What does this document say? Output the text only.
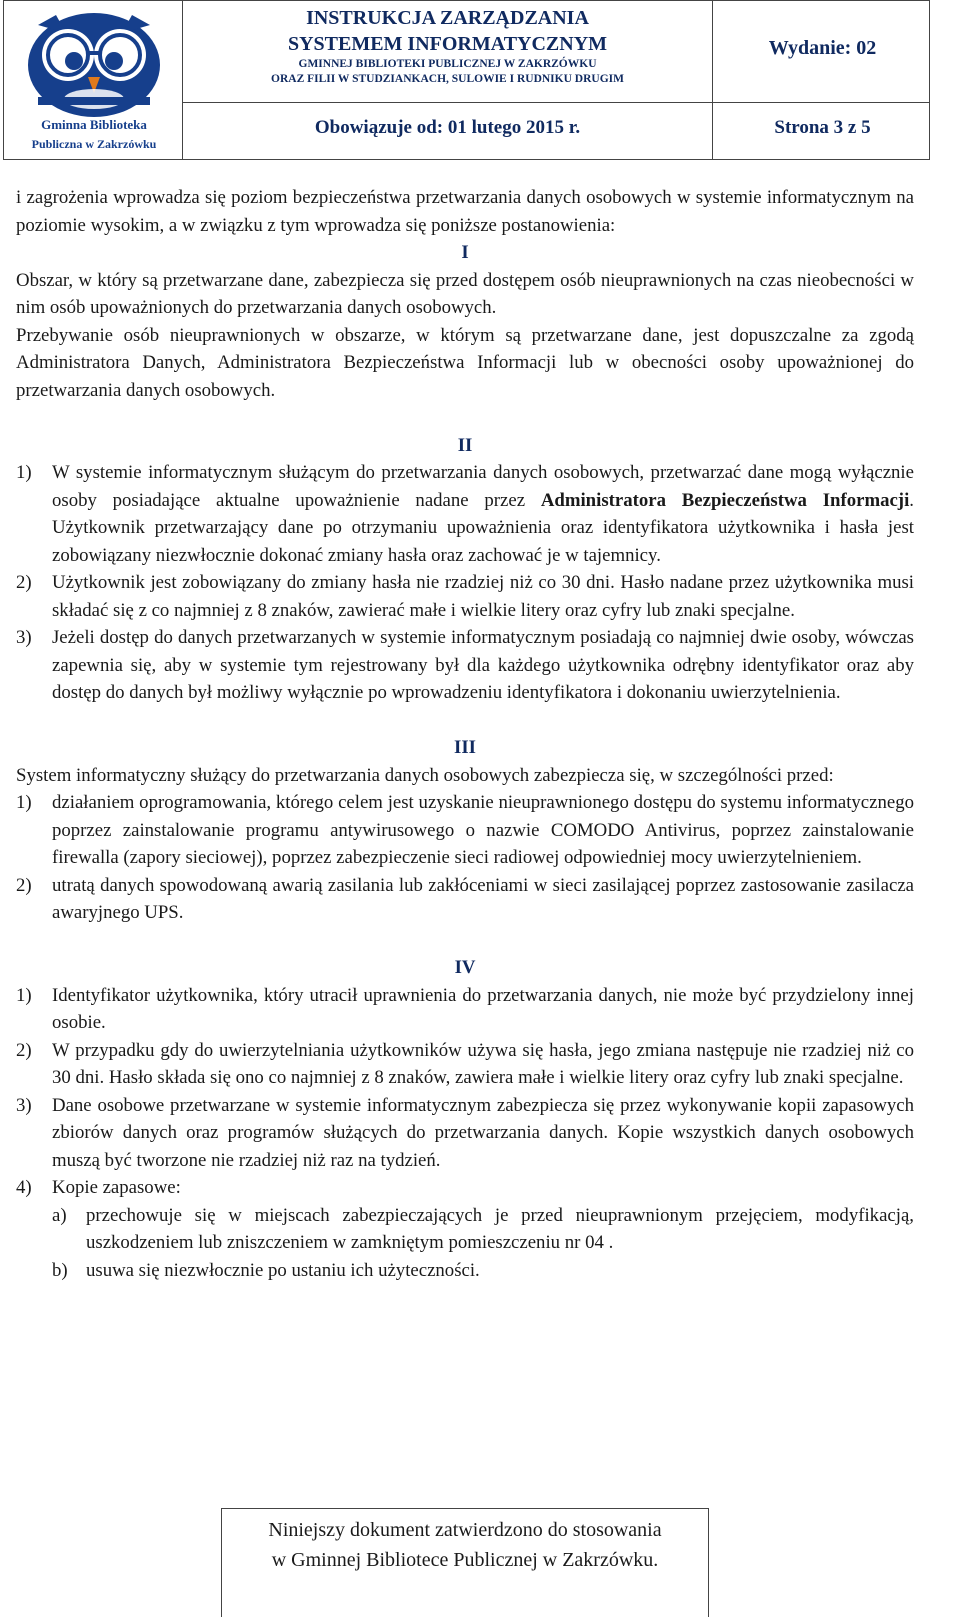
Gminna Biblioteka
Publiczna w Zakrzówku
INSTRUKCJA ZARZĄDZANIA
SYSTEMEM INFORMATYCZNYM
GMINNEJ BIBLIOTEKI PUBLICZNEJ W ZAKRZÓWKU
ORAZ FILII W STUDZIANKACH, SULOWIE I RUDNIKU DRUGIM
Wydanie: 02
Obowiązuje od: 01 lutego 2015 r.	Strona 3 z 5

i zagrożenia wprowadza się poziom bezpieczeństwa przetwarzania danych osobowych w systemie informatycznym na poziomie wysokim, a w związku z tym wprowadza się poniższe postanowienia:

I

Obszar, w który są przetwarzane dane, zabezpiecza się przed dostępem osób nieuprawnionych na czas nieobecności w nim osób upoważnionych do przetwarzania danych osobowych.

Przebywanie osób nieuprawnionych w obszarze, w którym są przetwarzane dane, jest dopuszczalne za zgodą Administratora Danych, Administratora Bezpieczeństwa Informacji lub w obecności osoby upoważnionej do przetwarzania danych osobowych.

II

1)	W systemie informatycznym służącym do przetwarzania danych osobowych, przetwarzać dane mogą wyłącznie osoby posiadające aktualne upoważnienie nadane przez Administratora Bezpieczeństwa Informacji. Użytkownik przetwarzający dane po otrzymaniu upoważnienia oraz identyfikatora użytkownika i hasła jest zobowiązany niezwłocznie dokonać zmiany hasła oraz zachować je w tajemnicy.
2)	Użytkownik jest zobowiązany do zmiany hasła nie rzadziej niż co 30 dni. Hasło nadane przez użytkownika musi składać się z co najmniej z 8 znaków, zawierać małe i wielkie litery oraz cyfry lub znaki specjalne.
3)	Jeżeli dostęp do danych przetwarzanych w systemie informatycznym posiadają co najmniej dwie osoby, wówczas zapewnia się, aby w systemie tym rejestrowany był dla każdego użytkownika odrębny identyfikator oraz aby dostęp do danych był możliwy wyłącznie po wprowadzeniu identyfikatora i dokonaniu uwierzytelnienia.

III

System informatyczny służący do przetwarzania danych osobowych zabezpiecza się, w szczególności przed:

1)	działaniem oprogramowania, którego celem jest uzyskanie nieuprawnionego dostępu do systemu informatycznego poprzez zainstalowanie programu antywirusowego o nazwie COMODO Antivirus, poprzez zainstalowanie firewalla (zapory sieciowej), poprzez zabezpieczenie sieci radiowej odpowiedniej mocy uwierzytelnieniem.
2)	utratą danych spowodowaną awarią zasilania lub zakłóceniami w sieci zasilającej poprzez zastosowanie zasilacza awaryjnego UPS.

IV

1)	Identyfikator użytkownika, który utracił uprawnienia do przetwarzania danych, nie może być przydzielony innej osobie.
2)	W przypadku gdy do uwierzytelniania użytkowników używa się hasła, jego zmiana następuje nie rzadziej niż co 30 dni. Hasło składa się ono co najmniej z 8 znaków, zawiera małe i wielkie litery oraz cyfry lub znaki specjalne.
3)	Dane osobowe przetwarzane w systemie informatycznym zabezpiecza się przez wykonywanie kopii zapasowych zbiorów danych oraz programów służących do przetwarzania danych. Kopie wszystkich danych osobowych muszą być tworzone nie rzadziej niż raz na tydzień.
4)	Kopie zapasowe:
a)	przechowuje się w miejscach zabezpieczających je przed nieuprawnionym przejęciem, modyfikacją, uszkodzeniem lub zniszczeniem w zamkniętym pomieszczeniu nr 04 .
b) usuwa się niezwłocznie po ustaniu ich użyteczności.
Niniejszy dokument zatwierdzono do stosowania
w Gminnej Bibliotece Publicznej w Zakrzówku.
